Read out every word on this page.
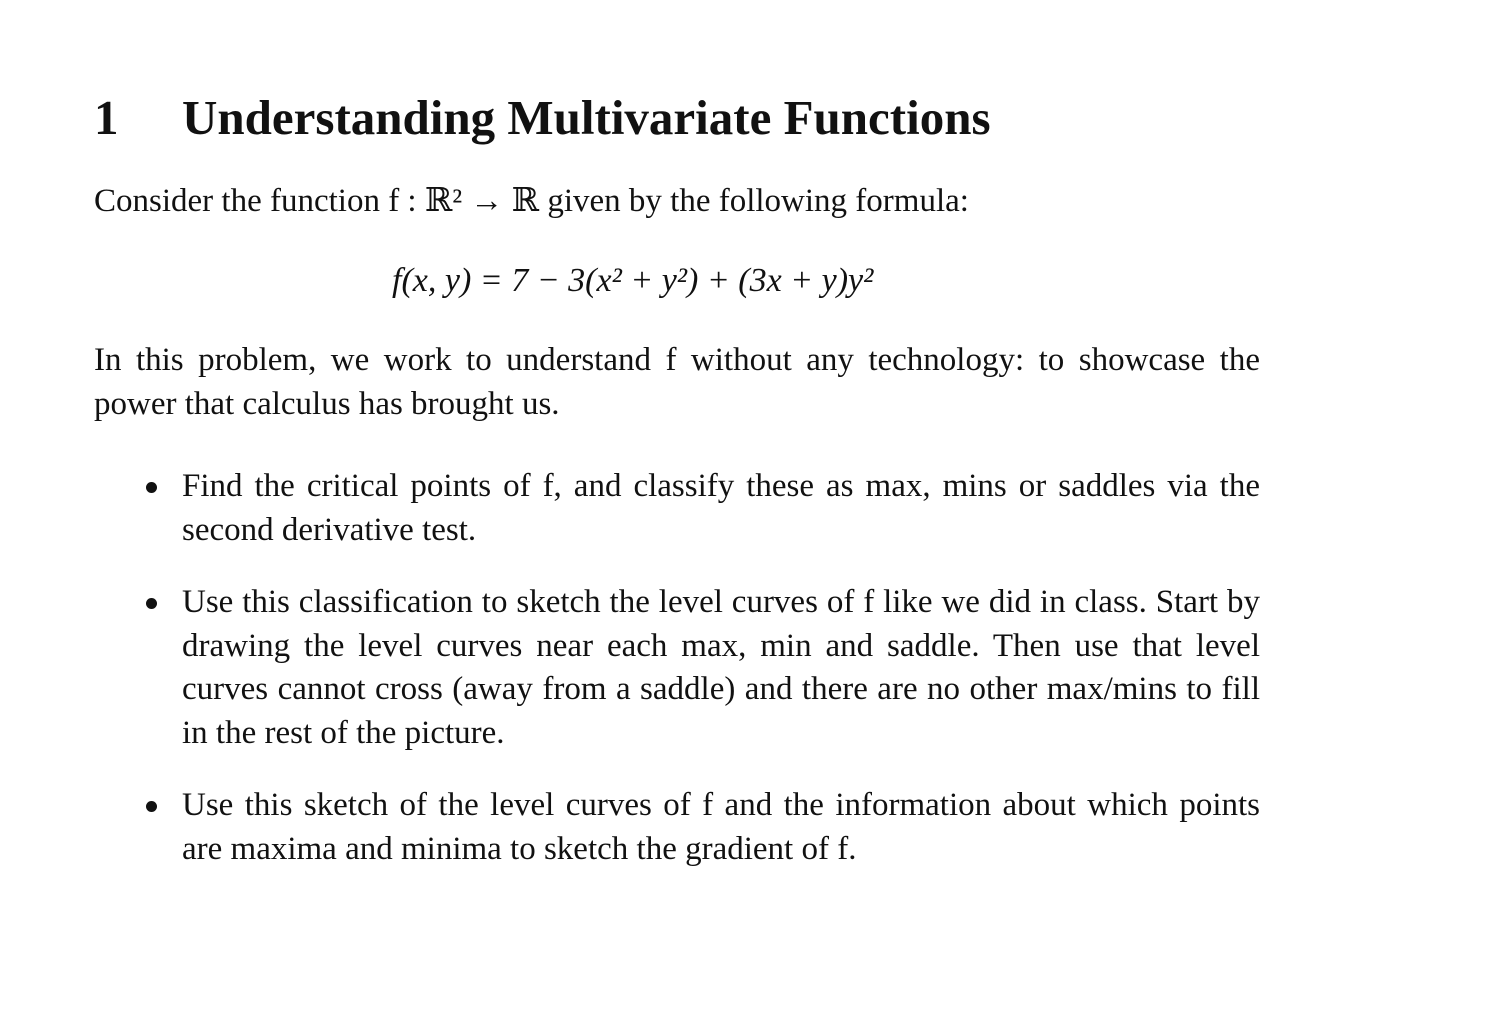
1 Understanding Multivariate Functions

Consider the function f : ℝ² → ℝ given by the following formula:

f(x, y) = 7 − 3(x² + y²) + (3x + y)y²

In this problem, we work to understand f without any technology: to showcase the power that calculus has brought us.

Find the critical points of f, and classify these as max, mins or saddles via the second derivative test.
Use this classification to sketch the level curves of f like we did in class. Start by drawing the level curves near each max, min and saddle. Then use that level curves cannot cross (away from a saddle) and there are no other max/mins to fill in the rest of the picture.
Use this sketch of the level curves of f and the information about which points are maxima and minima to sketch the gradient of f.
